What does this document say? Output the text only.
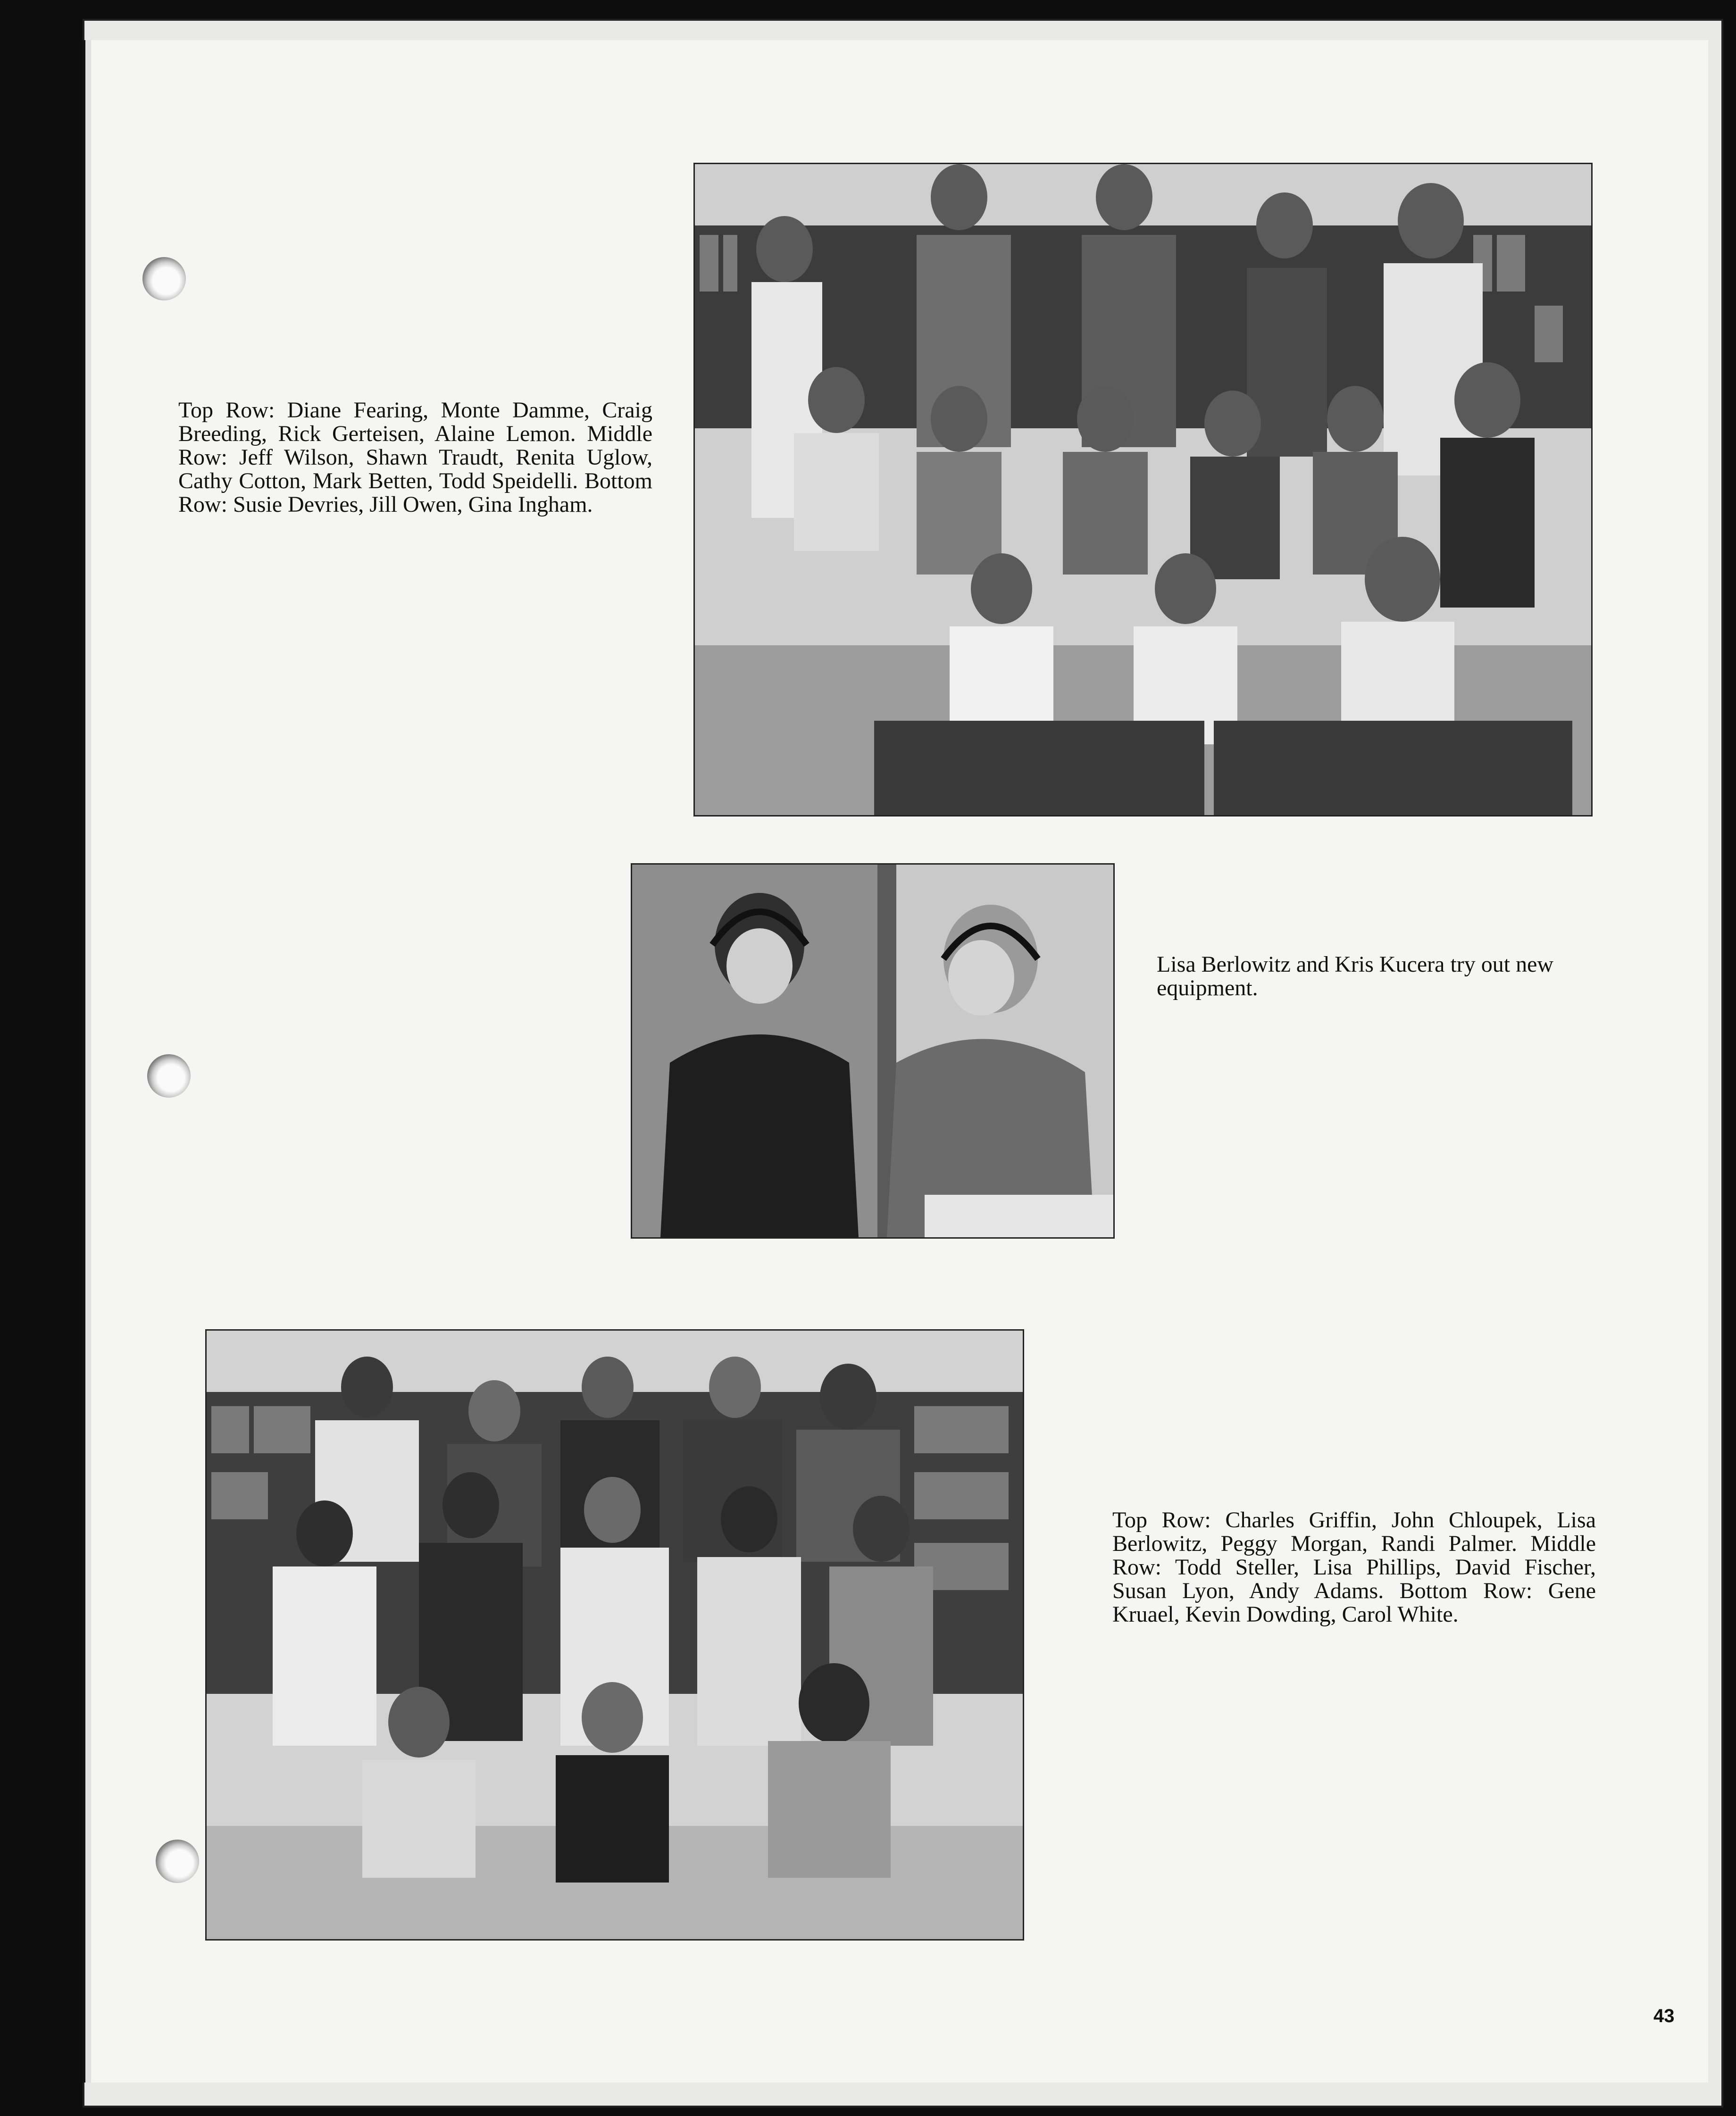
Top Row: Diane Fearing, Monte Damme, Craig Breeding, Rick Gerteisen, Alaine Lemon. Middle Row: Jeff Wilson, Shawn Traudt, Renita Uglow, Cathy Cotton, Mark Betten, Todd Speidelli. Bottom Row: Susie Devries, Jill Owen, Gina Ingham.
Lisa Berlowitz and Kris Kucera try out new equipment.
Top Row: Charles Griffin, John Chloupek, Lisa Berlowitz, Peggy Morgan, Randi Palmer. Middle Row: Todd Steller, Lisa Phillips, David Fischer, Susan Lyon, Andy Adams. Bottom Row: Gene Kruael, Kevin Dowding, Carol White.
43
